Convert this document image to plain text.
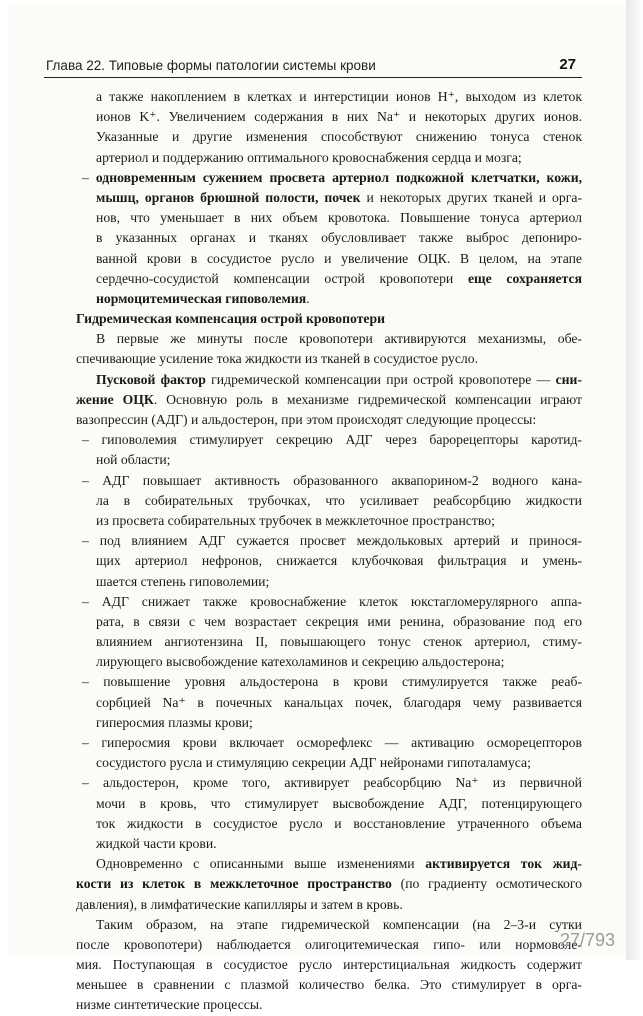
Глава 22. Типовые формы патологии системы крови	27
а также накоплением в клетках и интерстиции ионов H⁺, выходом из клеток
ионов K⁺. Увеличением содержания в них Na⁺ и некоторых других ионов.
Указанные и другие изменения способствуют снижению тонуса стенок
артериол и поддержанию оптимального кровоснабжения сердца и мозга;
– одновременным сужением просвета артериол подкожной клетчатки, кожи,
мышц, органов брюшной полости, почек и некоторых других тканей и орга-
нов, что уменьшает в них объем кровотока. Повышение тонуса артериол
в указанных органах и тканях обусловливает также выброс депониро-
ванной крови в сосудистое русло и увеличение ОЦК. В целом, на этапе
сердечно-сосудистой компенсации острой кровопотери еще сохраняется
нормоцитемическая гиповолемия.
Гидремическая компенсация острой кровопотери
В первые же минуты после кровопотери активируются механизмы, обе-
спечивающие усиление тока жидкости из тканей в сосудистое русло.
Пусковой фактор гидремической компенсации при острой кровопотере — сни-
жение ОЦК. Основную роль в механизме гидремической компенсации играют
вазопрессин (АДГ) и альдостерон, при этом происходят следующие процессы:
– гиповолемия стимулирует секрецию АДГ через барорецепторы каротид-
ной области;
– АДГ повышает активность образованного аквапорином-2 водного кана-
ла в собирательных трубочках, что усиливает реабсорбцию жидкости
из просвета собирательных трубочек в межклеточное пространство;
– под влиянием АДГ сужается просвет междольковых артерий и принося-
щих артериол нефронов, снижается клубочковая фильтрация и умень-
шается степень гиповолемии;
– АДГ снижает также кровоснабжение клеток юкстагломерулярного аппа-
рата, в связи с чем возрастает секреция ими ренина, образование под его
влиянием ангиотензина II, повышающего тонус стенок артериол, стиму-
лирующего высвобождение катехоламинов и секрецию альдостерона;
– повышение уровня альдостерона в крови стимулируется также реаб-
сорбцией Na⁺ в почечных канальцах почек, благодаря чему развивается
гиперосмия плазмы крови;
– гиперосмия крови включает осморефлекс — активацию осморецепторов
сосудистого русла и стимуляцию секреции АДГ нейронами гипоталамуса;
– альдостерон, кроме того, активирует реабсорбцию Na⁺ из первичной
мочи в кровь, что стимулирует высвобождение АДГ, потенцирующего
ток жидкости в сосудистое русло и восстановление утраченного объема
жидкой части крови.
Одновременно с описанными выше изменениями активируется ток жид-
кости из клеток в межклеточное пространство (по градиенту осмотического
давления), в лимфатические капилляры и затем в кровь.
Таким образом, на этапе гидремической компенсации (на 2–3-и сутки
после кровопотери) наблюдается олигоцитемическая гипо- или нормоволе-
мия. Поступающая в сосудистое русло интерстициальная жидкость содержит
меньшее в сравнении с плазмой количество белка. Это стимулирует в орга-
низме синтетические процессы.
27/793
